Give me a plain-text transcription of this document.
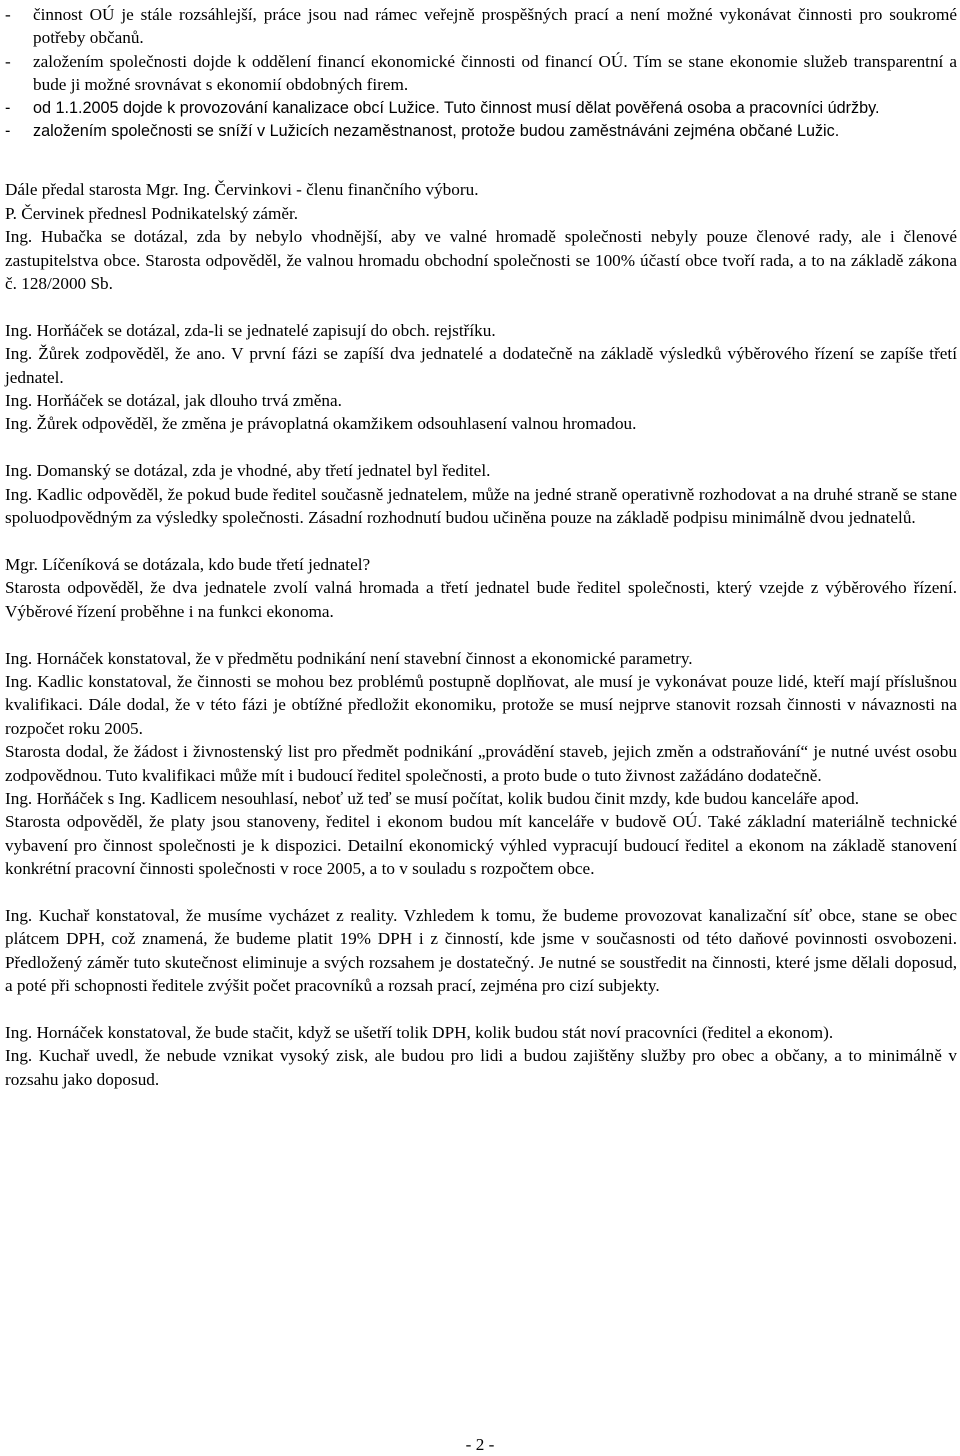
- činnost OÚ je stále rozsáhlejší, práce jsou nad rámec veřejně prospěšných prací a není možné vykonávat činnosti pro soukromé potřeby občanů.
- založením společnosti dojde k oddělení financí ekonomické činnosti od financí OÚ. Tím se stane ekonomie služeb transparentní a bude ji možné srovnávat s ekonomií obdobných firem.
- od 1.1.2005 dojde k provozování kanalizace obcí Lužice. Tuto činnost musí dělat pověřená osoba a pracovníci údržby.
- založením společnosti se sníží v Lužicích nezaměstnanost, protože budou zaměstnáváni zejména občané Lužic.

Dále předal starosta Mgr. Ing. Červinkovi - členu finančního výboru.

P. Červinek přednesl Podnikatelský záměr.

Ing. Hubačka se dotázal, zda by nebylo vhodnější, aby ve valné hromadě společnosti nebyly pouze členové rady, ale i členové zastupitelstva obce. Starosta odpověděl, že valnou hromadu obchodní společnosti se 100% účastí obce tvoří rada, a to na základě zákona č. 128/2000 Sb.

Ing. Horňáček se dotázal, zda-li se jednatelé zapisují do obch. rejstříku.

Ing. Žůrek zodpověděl, že ano. V první fázi se zapíší dva jednatelé a dodatečně na základě výsledků výběrového řízení se zapíše třetí jednatel.

Ing. Horňáček se dotázal, jak dlouho trvá změna.

Ing. Žůrek odpověděl, že změna je právoplatná okamžikem odsouhlasení valnou hromadou.

Ing. Domanský se dotázal, zda je vhodné, aby třetí jednatel byl ředitel.

Ing. Kadlic odpověděl, že pokud bude ředitel současně jednatelem, může na jedné straně operativně rozhodovat a na druhé straně se stane spoluodpovědným za výsledky společnosti. Zásadní rozhodnutí budou učiněna pouze na základě podpisu minimálně dvou jednatelů.

Mgr. Líčeníková se dotázala, kdo bude třetí jednatel?

Starosta odpověděl, že dva jednatele zvolí valná hromada a třetí jednatel bude ředitel společnosti, který vzejde z výběrového řízení. Výběrové řízení proběhne i na funkci ekonoma.

Ing. Hornáček konstatoval, že v předmětu podnikání není stavební činnost a ekonomické parametry.

Ing. Kadlic konstatoval, že činnosti se mohou bez problémů postupně doplňovat, ale musí je vykonávat pouze lidé, kteří mají příslušnou kvalifikaci. Dále dodal, že v této fázi je obtížné předložit ekonomiku, protože se musí nejprve stanovit rozsah činnosti v návaznosti na rozpočet roku 2005.

Starosta dodal, že žádost i živnostenský list pro předmět podnikání „provádění staveb, jejich změn a odstraňování“ je nutné uvést osobu zodpovědnou. Tuto kvalifikaci může mít i budoucí ředitel společnosti, a proto bude o tuto živnost zažádáno dodatečně.

Ing. Horňáček s Ing. Kadlicem nesouhlasí, neboť už teď se musí počítat, kolik budou činit mzdy, kde budou kanceláře apod.

Starosta odpověděl, že platy jsou stanoveny, ředitel i ekonom budou mít kanceláře v budově OÚ. Také základní materiálně technické vybavení pro činnost společnosti je k dispozici. Detailní ekonomický výhled vypracují budoucí ředitel a ekonom na základě stanovení konkrétní pracovní činnosti společnosti v roce 2005, a to v souladu s rozpočtem obce.

Ing. Kuchař konstatoval, že musíme vycházet z reality. Vzhledem k tomu, že budeme provozovat kanalizační síť obce, stane se obec plátcem DPH, což znamená, že budeme platit 19% DPH i z činností, kde jsme v současnosti od této daňové povinnosti osvobozeni. Předložený záměr tuto skutečnost eliminuje a svých rozsahem je dostatečný. Je nutné se soustředit na činnosti, které jsme dělali doposud, a poté při schopnosti ředitele zvýšit počet pracovníků a rozsah prací, zejména pro cizí subjekty.

Ing. Hornáček konstatoval, že bude stačit, když se ušetří tolik DPH, kolik budou stát noví pracovníci (ředitel a ekonom).

Ing. Kuchař uvedl, že nebude vznikat vysoký zisk, ale budou pro lidi a budou zajištěny služby pro obec a občany, a to minimálně v rozsahu jako doposud.

- 2 -
